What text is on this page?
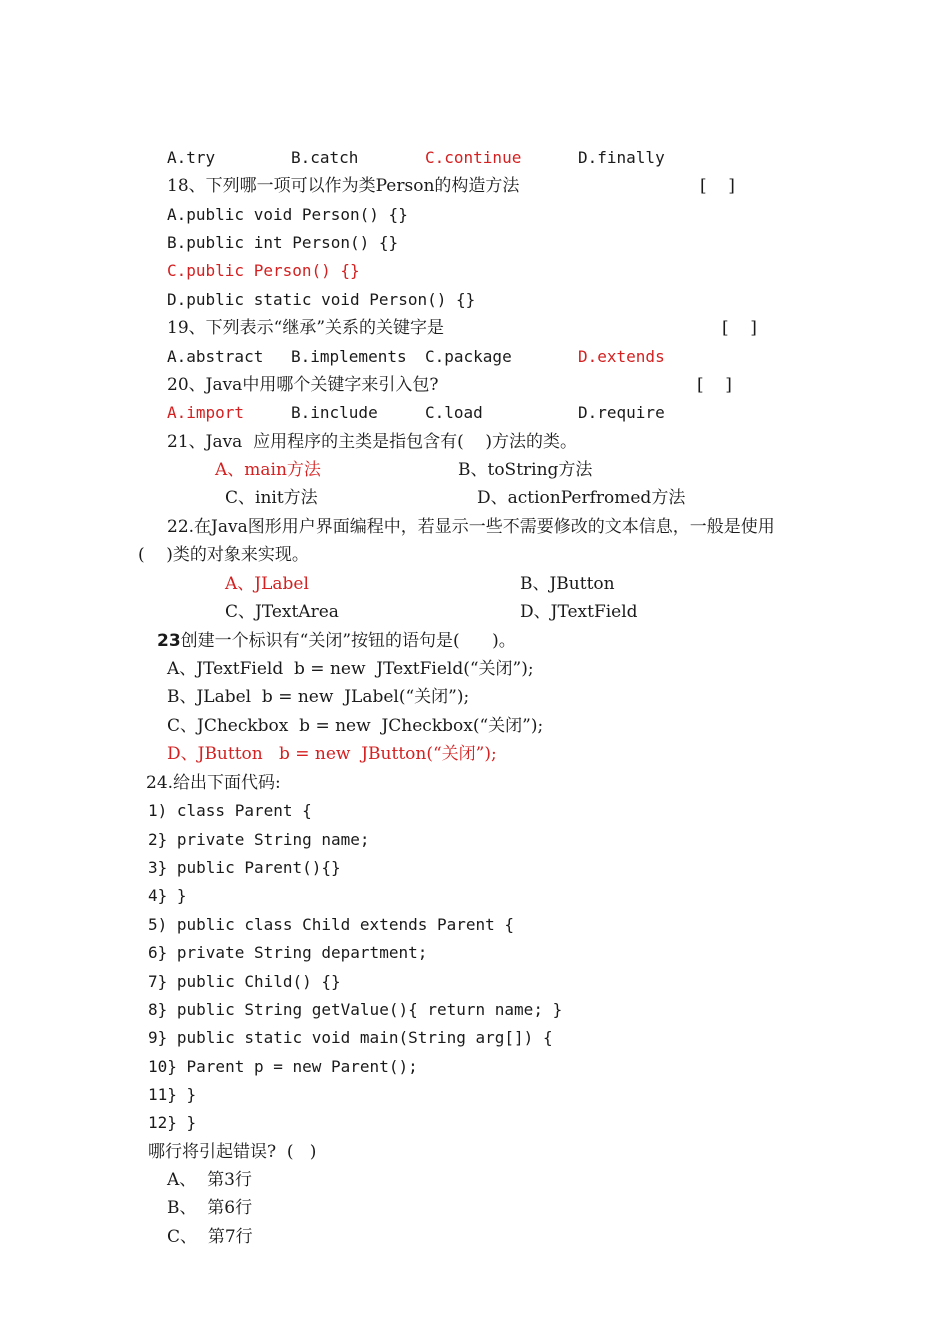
A.try	B.catch	C.continue	D.finally
18、下列哪一项可以作为类Person的构造方法	[    ]
A.public void Person() {}
B.public int Person() {}
C.public Person() {}
D.public static void Person() {}
19、下列表示“继承”关系的关键字是	[    ]
A.abstract B.implements C.package	D.extends
20、Java中用哪个关键字来引入包?	[    ]
A.import	B.include	C.load	D.require
21、Java  应用程序的主类是指包含有(    )方法的类。
A、main方法	B、toString方法
C、init方法	D、actionPerfromed方法
22.在Java图形用户界面编程中，若显示一些不需要修改的文本信息，一般是使用
(    )类的对象来实现。
A、JLabel	B、JButton
C、JTextArea	D、JTextField
23创建一个标识有“关闭”按钮的语句是(      )。
A、JTextField  b = new  JTextField(“关闭”);
B、JLabel  b = new  JLabel(“关闭”);
C、JCheckbox  b = new  JCheckbox(“关闭”);
D、JButton   b = new  JButton(“关闭”);
24.给出下面代码:
1) class Parent {
2} private String name;
3} public Parent(){}
4} }
5) public class Child extends Parent {
6} private String department;
7} public Child() {}
8} public String getValue(){ return name; }
9} public static void main(String arg[]) {
10} Parent p = new Parent();
11} }
12} }
哪行将引起错误?  (   )
A、  第3行
B、  第6行
C、  第7行
